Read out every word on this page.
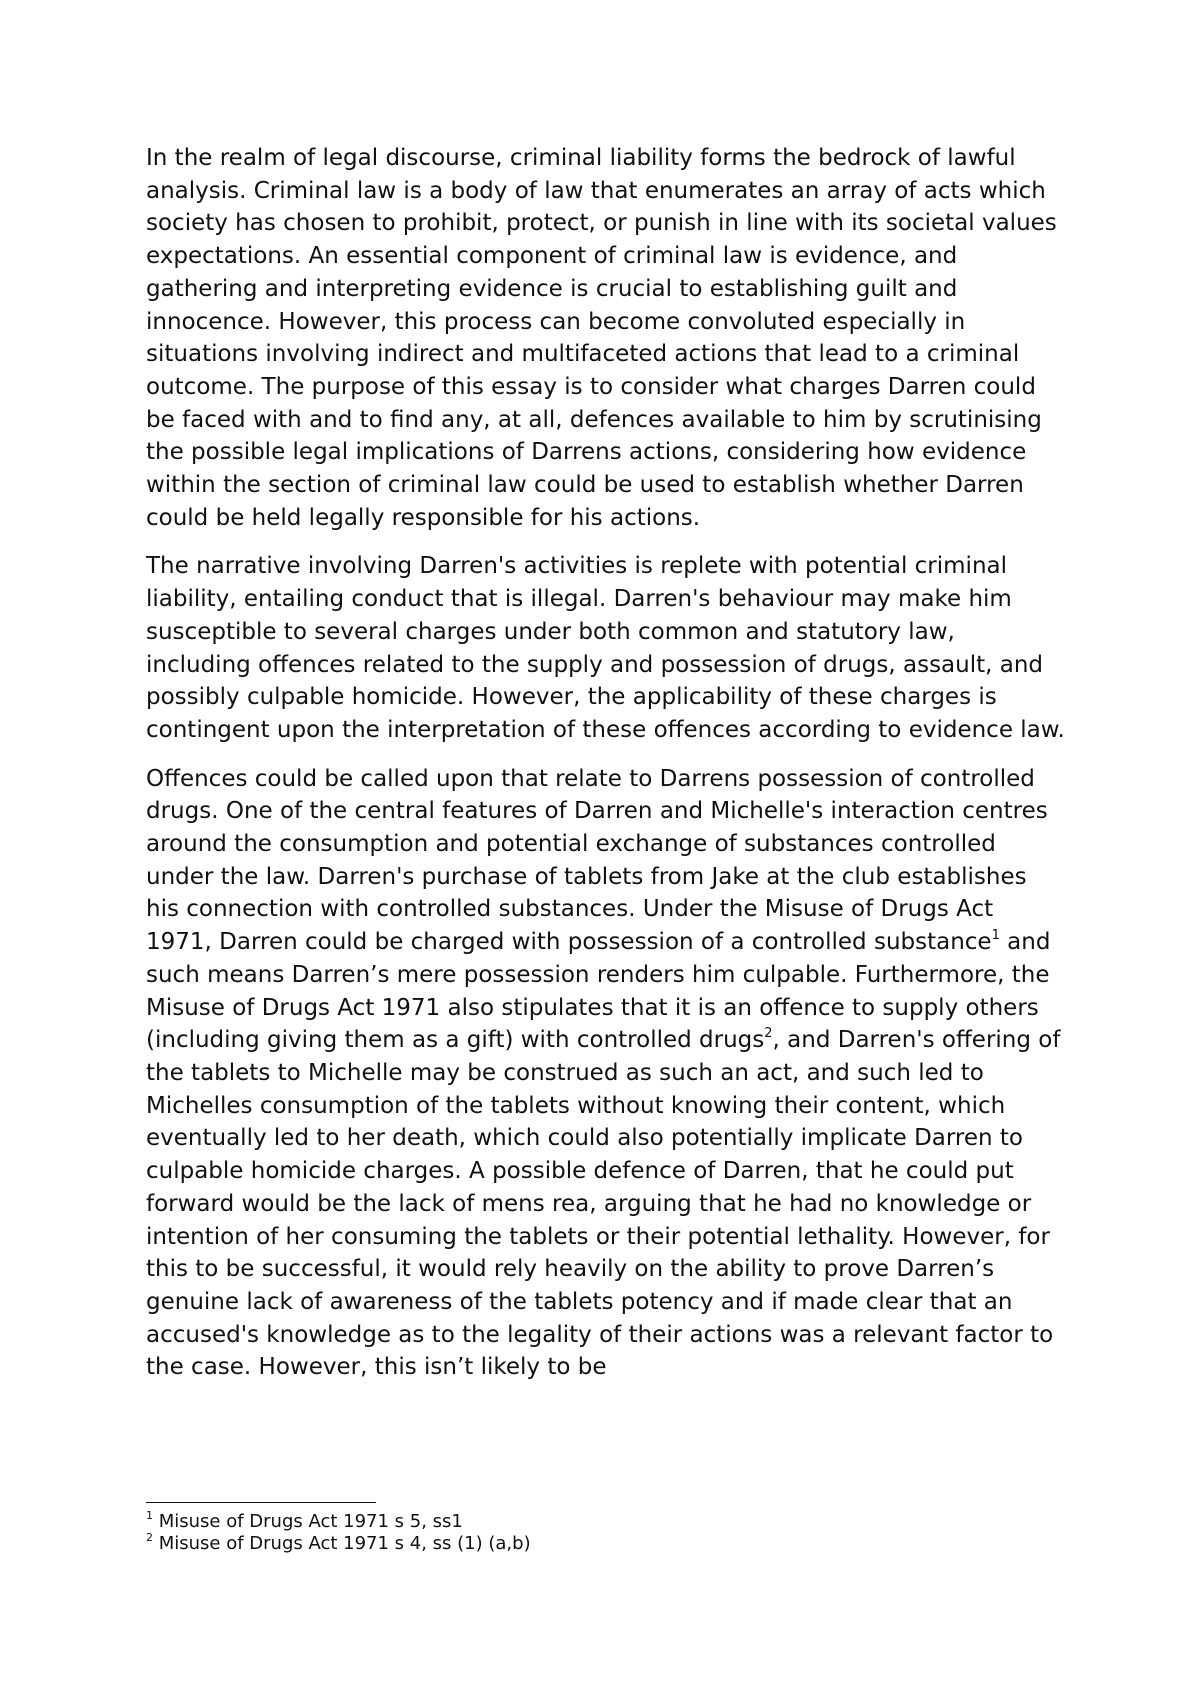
In the realm of legal discourse, criminal liability forms the bedrock of lawful analysis. Criminal law is a body of law that enumerates an array of acts which society has chosen to prohibit, protect, or punish in line with its societal values expectations. An essential component of criminal law is evidence, and gathering and interpreting evidence is crucial to establishing guilt and innocence. However, this process can become convoluted especially in situations involving indirect and multifaceted actions that lead to a criminal outcome. The purpose of this essay is to consider what charges Darren could be faced with and to find any, at all, defences available to him by scrutinising the possible legal implications of Darrens actions, considering how evidence within the section of criminal law could be used to establish whether Darren could be held legally responsible for his actions.

The narrative involving Darren's activities is replete with potential criminal liability, entailing conduct that is illegal. Darren's behaviour may make him susceptible to several charges under both common and statutory law, including offences related to the supply and possession of drugs, assault, and possibly culpable homicide. However, the applicability of these charges is contingent upon the interpretation of these offences according to evidence law.

Offences could be called upon that relate to Darrens possession of controlled drugs. One of the central features of Darren and Michelle's interaction centres around the consumption and potential exchange of substances controlled under the law. Darren's purchase of tablets from Jake at the club establishes his connection with controlled substances. Under the Misuse of Drugs Act 1971, Darren could be charged with possession of a controlled substance$^1$ and such means Darren’s mere possession renders him culpable. Furthermore, the Misuse of Drugs Act 1971 also stipulates that it is an offence to supply others (including giving them as a gift) with controlled drugs$^2$, and Darren's offering of the tablets to Michelle may be construed as such an act, and such led to Michelles consumption of the tablets without knowing their content, which eventually led to her death, which could also potentially implicate Darren to culpable homicide charges. A possible defence of Darren, that he could put forward would be the lack of mens rea, arguing that he had no knowledge or intention of her consuming the tablets or their potential lethality. However, for this to be successful, it would rely heavily on the ability to prove Darren’s genuine lack of awareness of the tablets potency and if made clear that an accused's knowledge as to the legality of their actions was a relevant factor to the case. However, this isn’t likely to be

$^1$ Misuse of Drugs Act 1971 s 5, ss1

$^2$ Misuse of Drugs Act 1971 s 4, ss (1) (a,b)
